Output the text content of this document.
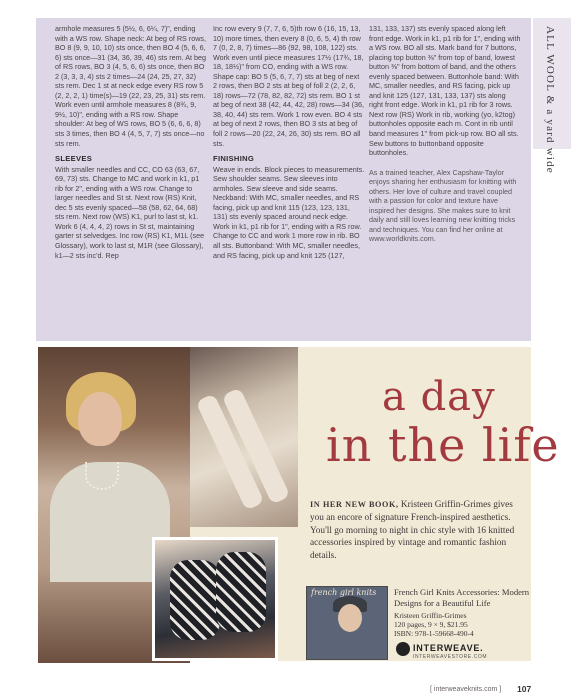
ALL WOOL & a yard wide

armhole measures 5 (5½, 6, 6¼, 7)", ending with a WS row. Shape neck: At beg of RS rows, BO 8 (9, 9, 10, 10) sts once, then BO 4 (5, 6, 6, 6) sts once—31 (34, 36, 39, 46) sts rem. At beg of RS rows, BO 3 (4, 5, 6, 6) sts once, then BO 2 (3, 3, 3, 4) sts 2 times—24 (24, 25, 27, 32) sts rem. Dec 1 st at neck edge every RS row 5 (2, 2, 2, 1) time(s)—19 (22, 23, 25, 31) sts rem. Work even until armhole measures 8 (8¾, 9, 9½, 10)", ending with a RS row. Shape shoulder: At beg of WS rows, BO 5 (6, 6, 6, 8) sts 3 times, then BO 4 (4, 5, 7, 7) sts once—no sts rem.

SLEEVES

With smaller needles and CC, CO 63 (63, 67, 69, 73) sts. Change to MC and work in k1, p1 rib for 2", ending with a WS row. Change to larger needles and St st. Next row (RS) Knit, dec 5 sts evenly spaced—58 (58, 62, 64, 68) sts rem. Next row (WS) K1, purl to last st, k1. Work 6 (4, 4, 4, 2) rows in St st, maintaining garter st selvedges. Inc row (RS) K1, M1L (see Glossary), work to last st, M1R (see Glossary), k1—2 sts inc'd. Rep

Inc row every 9 (7, 7, 6, 5)th row 6 (16, 15, 13, 10) more times, then every 8 (0, 6, 5, 4) th row 7 (0, 2, 8, 7) times—86 (92, 98, 108, 122) sts. Work even until piece measures 17½ (17¾, 18, 18, 18½)" from CO, ending with a WS row. Shape cap: BO 5 (5, 6, 7, 7) sts at beg of next 2 rows, then BO 2 sts at beg of foll 2 (2, 2, 6, 18) rows—72 (78, 82, 82, 72) sts rem. BO 1 st at beg of next 38 (42, 44, 42, 28) rows—34 (36, 38, 40, 44) sts rem. Work 1 row even. BO 4 sts at beg of next 2 rows, then BO 3 sts at beg of foll 2 rows—20 (22, 24, 26, 30) sts rem. BO all sts.

FINISHING

Weave in ends. Block pieces to measurements. Sew shoulder seams. Sew sleeves into armholes. Sew sleeve and side seams. Neckband: With MC, smaller needles, and RS facing, pick up and knit 115 (123, 123, 131, 131) sts evenly spaced around neck edge. Work in k1, p1 rib for 1", ending with a RS row. Change to CC and work 1 more row in rib. BO all sts. Buttonband: With MC, smaller needles, and RS facing, pick up and knit 125 (127,

131, 133, 137) sts evenly spaced along left front edge. Work in k1, p1 rib for 1", ending with a WS row. BO all sts. Mark band for 7 buttons, placing top button ⅜" from top of band, lowest button ⅜" from bottom of band, and the others evenly spaced between. Buttonhole band: With MC, smaller needles, and RS facing, pick up and knit 125 (127, 131, 133, 137) sts along right front edge. Work in k1, p1 rib for 3 rows. Next row (RS) Work in rib, working (yo, k2tog) buttonholes opposite each m. Cont in rib until band measures 1" from pick-up row. BO all sts. Sew buttons to buttonband opposite buttonholes.

As a trained teacher, Alex Capshaw-Taylor enjoys sharing her enthusiasm for knitting with others. Her love of culture and travel coupled with a passion for color and texture have inspired her designs. She makes sure to knit daily and still loves learning new knitting tricks and techniques. You can find her online at www.worldknits.com.

a day
in the life
IN HER NEW BOOK, Kristeen Griffin-Grimes gives you an encore of signature French-inspired aesthetics. You'll go morning to night in chic style with 16 knitted accessories inspired by vintage and romantic fashion details.
french girl knits French Girl Knits Accessories: Modern Designs for a Beautiful Life
Kristeen Griffin-Grimes
120 pages, 9 × 9, $21.95
ISBN: 978-1-59668-490-4
INTERWEAVE.
INTERWEAVESTORE.COM
[ interweaveknits.com ] 107
